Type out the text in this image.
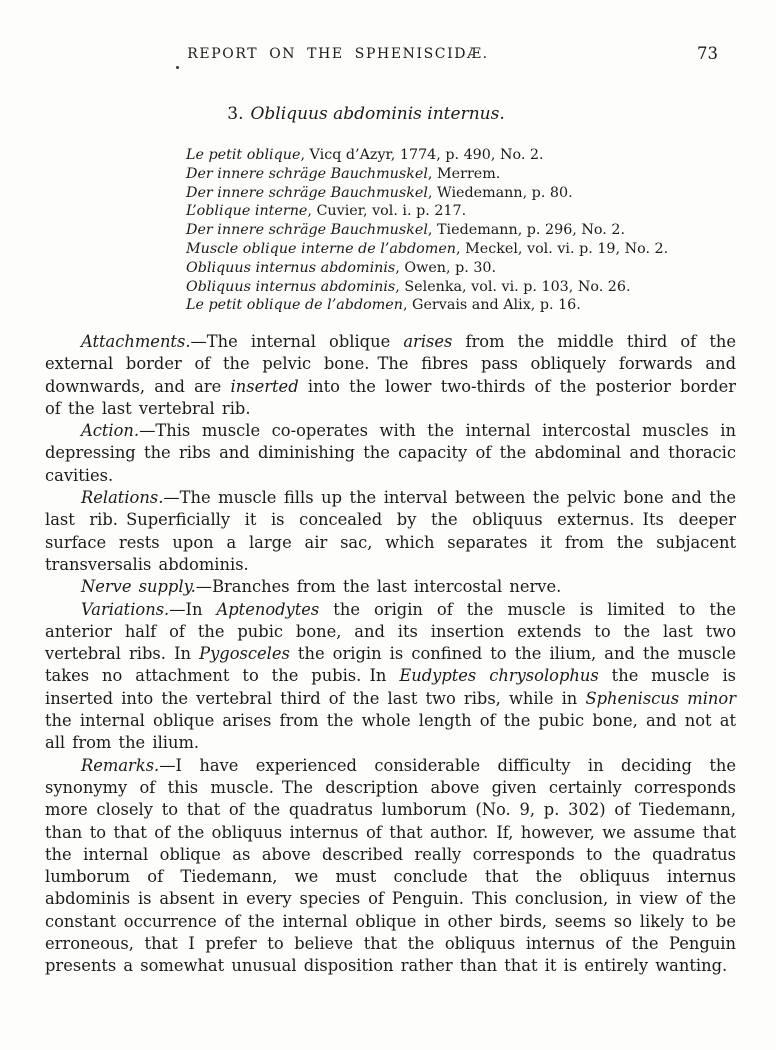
REPORT ON THE SPHENISCIDÆ.	73
3. Obliquus abdominis internus.
Le petit oblique, Vicq d’Azyr, 1774, p. 490, No. 2.
Der innere schräge Bauchmuskel, Merrem.
Der innere schräge Bauchmuskel, Wiedemann, p. 80.
L’oblique interne, Cuvier, vol. i. p. 217.
Der innere schräge Bauchmuskel, Tiedemann, p. 296, No. 2.
Muscle oblique interne de l’abdomen, Meckel, vol. vi. p. 19, No. 2.
Obliquus internus abdominis, Owen, p. 30.
Obliquus internus abdominis, Selenka, vol. vi. p. 103, No. 26.
Le petit oblique de l’abdomen, Gervais and Alix, p. 16.

Attachments.—The internal oblique arises from the middle third of the external border of the pelvic bone. The fibres pass obliquely forwards and downwards, and are inserted into the lower two-thirds of the posterior border of the last vertebral rib.

Action.—This muscle co-operates with the internal intercostal muscles in depressing the ribs and diminishing the capacity of the abdominal and thoracic cavities.

Relations.—The muscle fills up the interval between the pelvic bone and the last rib. Superficially it is concealed by the obliquus externus. Its deeper surface rests upon a large air sac, which separates it from the subjacent transversalis abdominis.

Nerve supply.—Branches from the last intercostal nerve.

Variations.—In Aptenodytes the origin of the muscle is limited to the anterior half of the pubic bone, and its insertion extends to the last two vertebral ribs. In Pygosceles the origin is confined to the ilium, and the muscle takes no attachment to the pubis. In Eudyptes chrysolophus the muscle is inserted into the vertebral third of the last two ribs, while in Spheniscus minor the internal oblique arises from the whole length of the pubic bone, and not at all from the ilium.

Remarks.—I have experienced considerable difficulty in deciding the synonymy of this muscle. The description above given certainly corresponds more closely to that of the quadratus lumborum (No. 9, p. 302) of Tiedemann, than to that of the obliquus internus of that author. If, however, we assume that the internal oblique as above described really corresponds to the quadratus lumborum of Tiedemann, we must conclude that the obliquus internus abdominis is absent in every species of Penguin. This conclusion, in view of the constant occurrence of the internal oblique in other birds, seems so likely to be erroneous, that I prefer to believe that the obliquus internus of the Penguin presents a somewhat unusual disposition rather than that it is entirely wanting.
